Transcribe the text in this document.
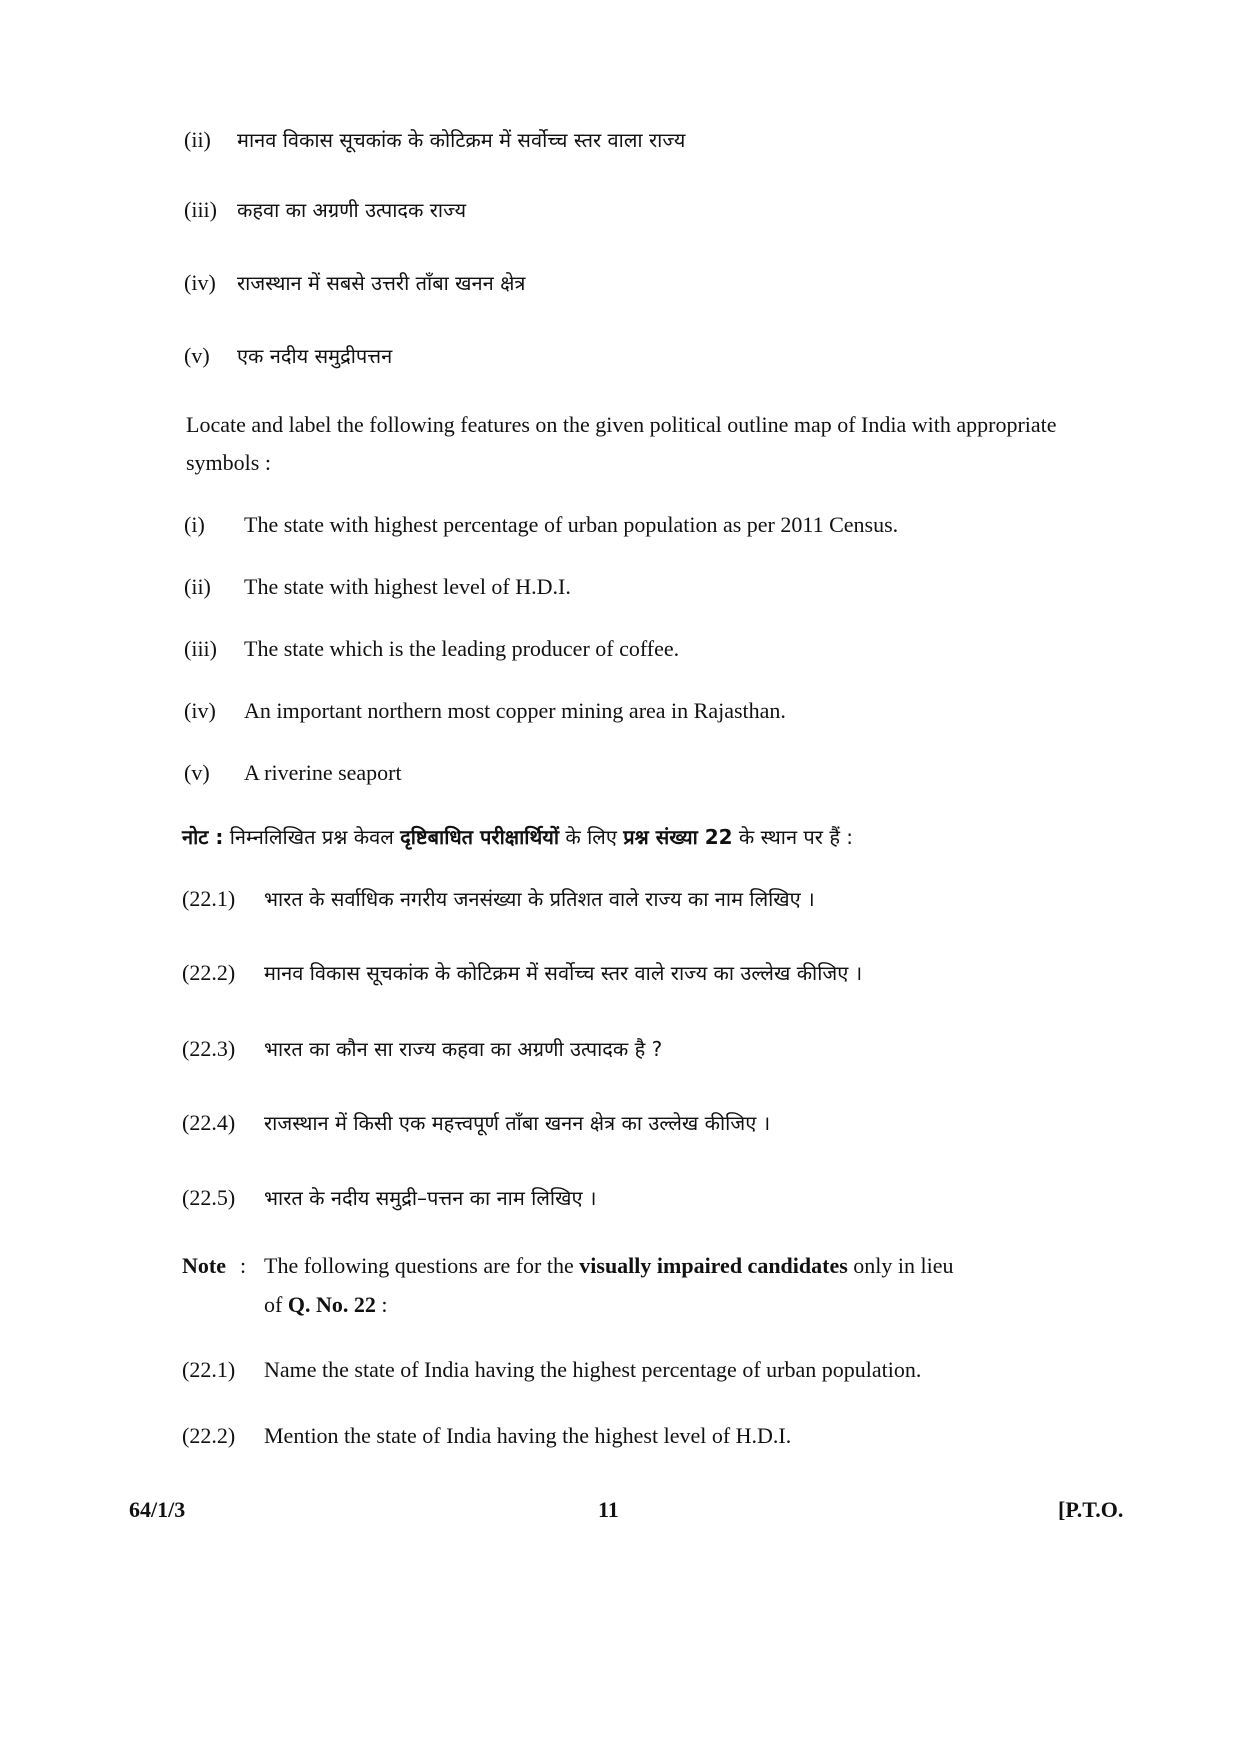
(ii) मानव विकास सूचकांक के कोटिक्रम में सर्वोच्च स्तर वाला राज्य
(iii) कहवा का अग्रणी उत्पादक राज्य
(iv) राजस्थान में सबसे उत्तरी ताँबा खनन क्षेत्र
(v) एक नदीय समुद्रीपत्तन
Locate and label the following features on the given political outline map of India with appropriate symbols :
(i) The state with highest percentage of urban population as per 2011 Census.
(ii) The state with highest level of H.D.I.
(iii) The state which is the leading producer of coffee.
(iv) An important northern most copper mining area in Rajasthan.
(v) A riverine seaport
नोट : निम्नलिखित प्रश्न केवल दृष्टिबाधित परीक्षार्थियों के लिए प्रश्न संख्या 22 के स्थान पर हैं :
(22.1) भारत के सर्वाधिक नगरीय जनसंख्या के प्रतिशत वाले राज्य का नाम लिखिए ।
(22.2) मानव विकास सूचकांक के कोटिक्रम में सर्वोच्च स्तर वाले राज्य का उल्लेख कीजिए ।
(22.3) भारत का कौन सा राज्य कहवा का अग्रणी उत्पादक है ?
(22.4) राजस्थान में किसी एक महत्त्वपूर्ण ताँबा खनन क्षेत्र का उल्लेख कीजिए ।
(22.5) भारत के नदीय समुद्री–पत्तन का नाम लिखिए ।
Note : The following questions are for the visually impaired candidates only in lieu
of Q. No. 22 :
(22.1) Name the state of India having the highest percentage of urban population.
(22.2) Mention the state of India having the highest level of H.D.I.
64/1/3	11	[P.T.O.
